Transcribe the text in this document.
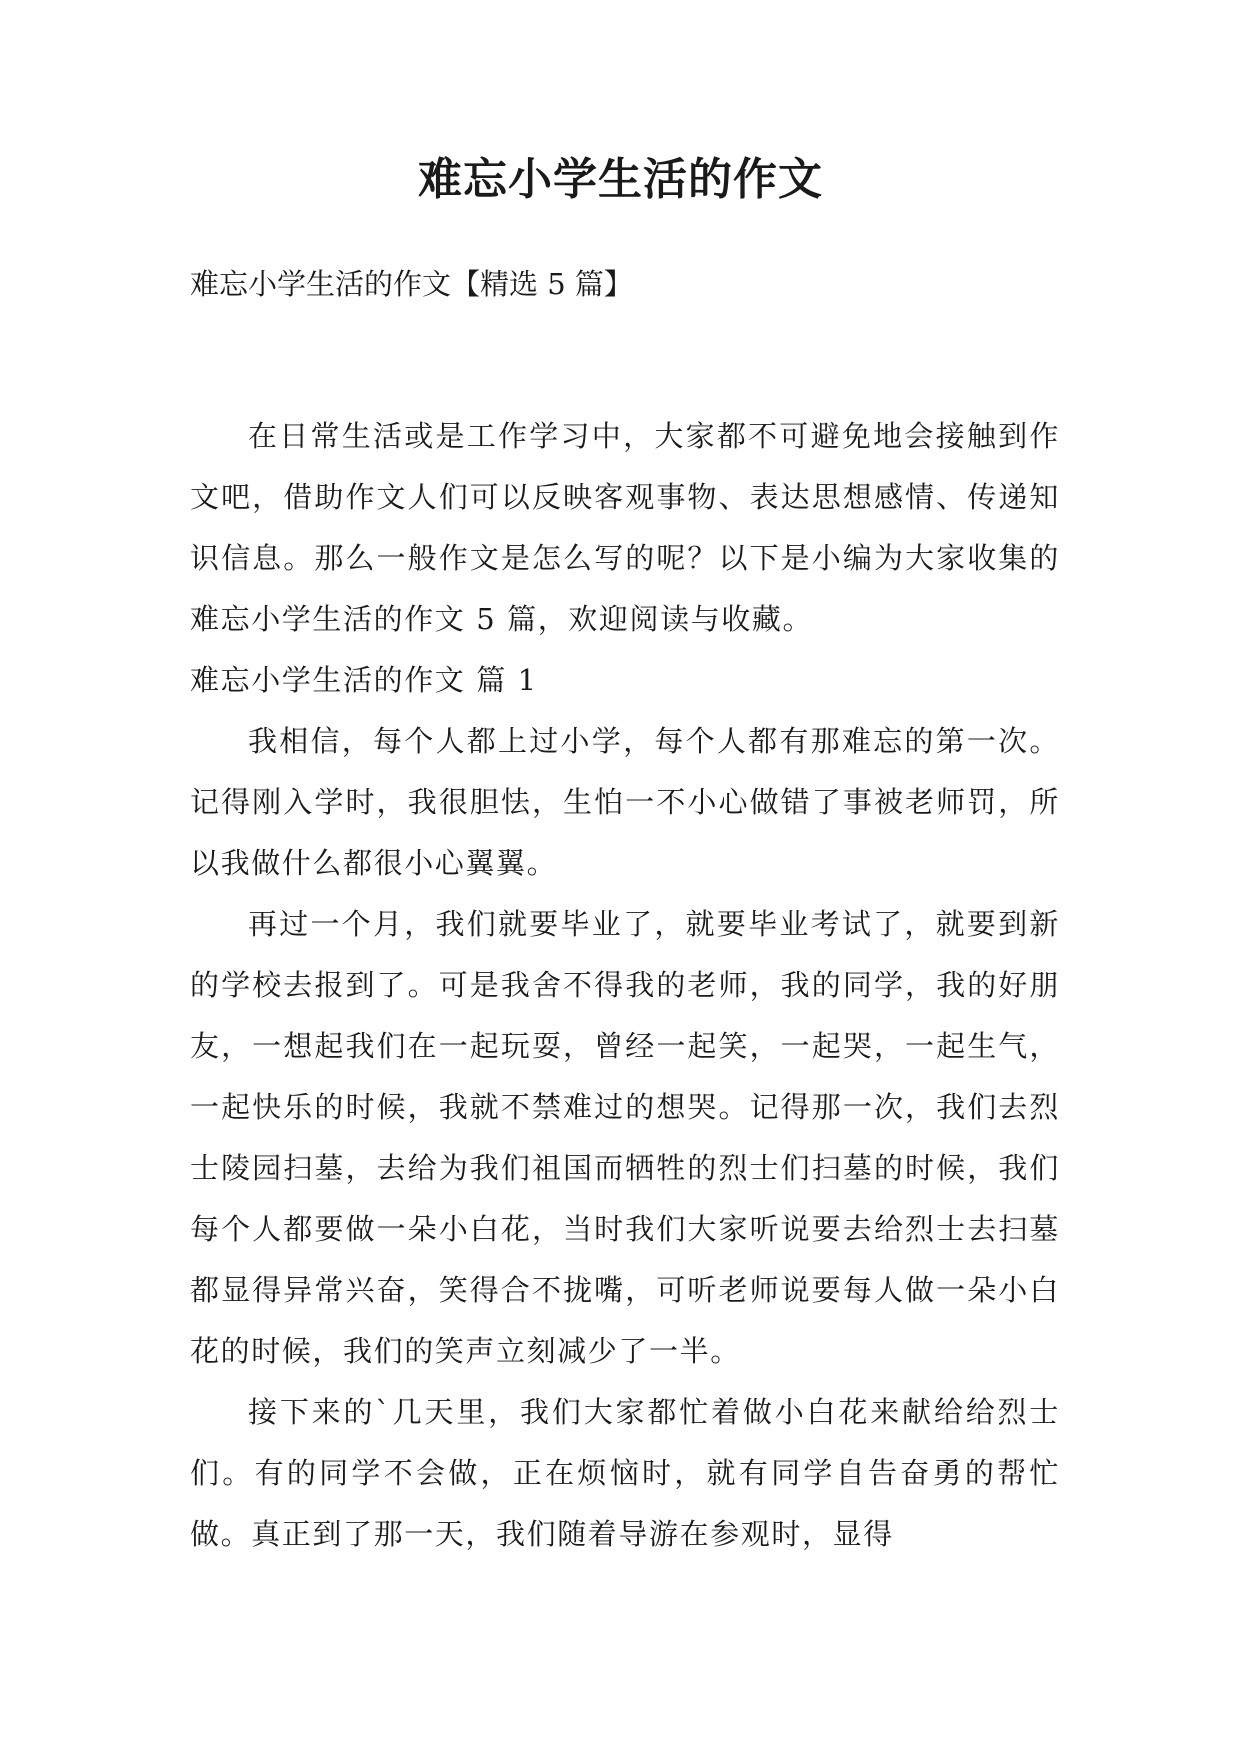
难忘小学生活的作文

难忘小学生活的作文【精选 5 篇】

在日常生活或是工作学习中，大家都不可避免地会接触到作文吧，借助作文人们可以反映客观事物、表达思想感情、传递知识信息。那么一般作文是怎么写的呢？以下是小编为大家收集的难忘小学生活的作文 5 篇，欢迎阅读与收藏。

难忘小学生活的作文 篇 1

我相信，每个人都上过小学，每个人都有那难忘的第一次。记得刚入学时，我很胆怯，生怕一不小心做错了事被老师罚，所以我做什么都很小心翼翼。

再过一个月，我们就要毕业了，就要毕业考试了，就要到新的学校去报到了。可是我舍不得我的老师，我的同学，我的好朋友，一想起我们在一起玩耍，曾经一起笑，一起哭，一起生气，一起快乐的时候，我就不禁难过的想哭。记得那一次，我们去烈士陵园扫墓，去给为我们祖国而牺牲的烈士们扫墓的时候，我们每个人都要做一朵小白花，当时我们大家听说要去给烈士去扫墓都显得异常兴奋，笑得合不拢嘴，可听老师说要每人做一朵小白花的时候，我们的笑声立刻减少了一半。

接下来的`几天里，我们大家都忙着做小白花来献给给烈士们。有的同学不会做，正在烦恼时，就有同学自告奋勇的帮忙做。真正到了那一天，我们随着导游在参观时，显得
